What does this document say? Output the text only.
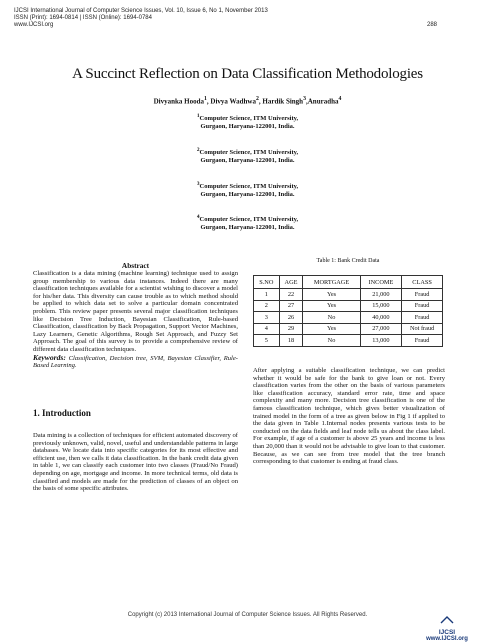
IJCSI International Journal of Computer Science Issues, Vol. 10, Issue 6, No 1, November 2013
ISSN (Print): 1694-0814 | ISSN (Online): 1694-0784
www.IJCSI.org	288
A Succinct Reflection on Data Classification Methodologies
Divyanka Hooda$^1$, Divya Wadhwa$^2$, Hardik Singh$^3$,Anuradha$^4$
$^1$Computer Science, ITM University,
Gurgaon, Haryana-122001, India.
$^2$Computer Science, ITM University,
Gurgaon, Haryana-122001, India.
$^3$Computer Science, ITM University,
Gurgaon, Haryana-122001, India.
$^4$Computer Science, ITM University,
Gurgaon, Haryana-122001, India.
Abstract
Classification is a data mining (machine learning) technique used to assign group membership to various data instances. Indeed there are many classification techniques available for a scientist wishing to discover a model for his/her data. This diversity can cause trouble as to which method should be applied to which data set to solve a particular domain concentrated problem. This review paper presents several major classification techniques like Decision Tree Induction, Bayesian Classification, Rule-based Classification, classification by Back Propagation, Support Vector Machines, Lazy Learners, Genetic Algorithms, Rough Set Approach, and Fuzzy Set Approach. The goal of this survey is to provide a comprehensive review of different data classification techniques.
Keywords: Classification, Decision tree, SVM, Bayesian Classifier, Rule-Based Learning.
1. Introduction
Data mining is a collection of techniques for efficient automated discovery of previously unknown, valid, novel, useful and understandable patterns in large databases. We locate data into specific categories for its most effective and efficient use, then we calls it data classification. In the bank credit data given in table 1, we can classify each customer into two classes (Fraud/No Fraud) depending on age, mortgage and income. In more technical terms, old data is classified and models are made for the prediction of classes of an object on the basis of some specific attributes.
Table 1: Bank Credit Data
S.NO	AGE	MORTGAGE	INCOME	CLASS
1	22	Yes	21,000	Fraud
2	27	Yes	15,000	Fraud
3	26	No	40,000	Fraud
4	29	Yes	27,000	Not fraud
5	18	No	13,000	Fraud
After applying a suitable classification technique, we can predict whether it would be safe for the bank to give loan or not. Every classification varies from the other on the basis of various parameters like classification accuracy, standard error rate, time and space complexity and many more. Decision tree classification is one of the famous classification technique, which gives better visualization of trained model in the form of a tree as given below in Fig 1 if applied to the data given in Table 1.Internal nodes presents various tests to be conducted on the data fields and leaf node tells us about the class label. For example, if age of a customer is above 25 years and income is less than 20,000 than it would not be advisable to give loan to that customer. Because, as we can see from tree model that the tree branch corresponding to that customer is ending at fraud class.
Copyright (c) 2013 International Journal of Computer Science Issues. All Rights Reserved.
IJCSI
www.IJCSI.org
